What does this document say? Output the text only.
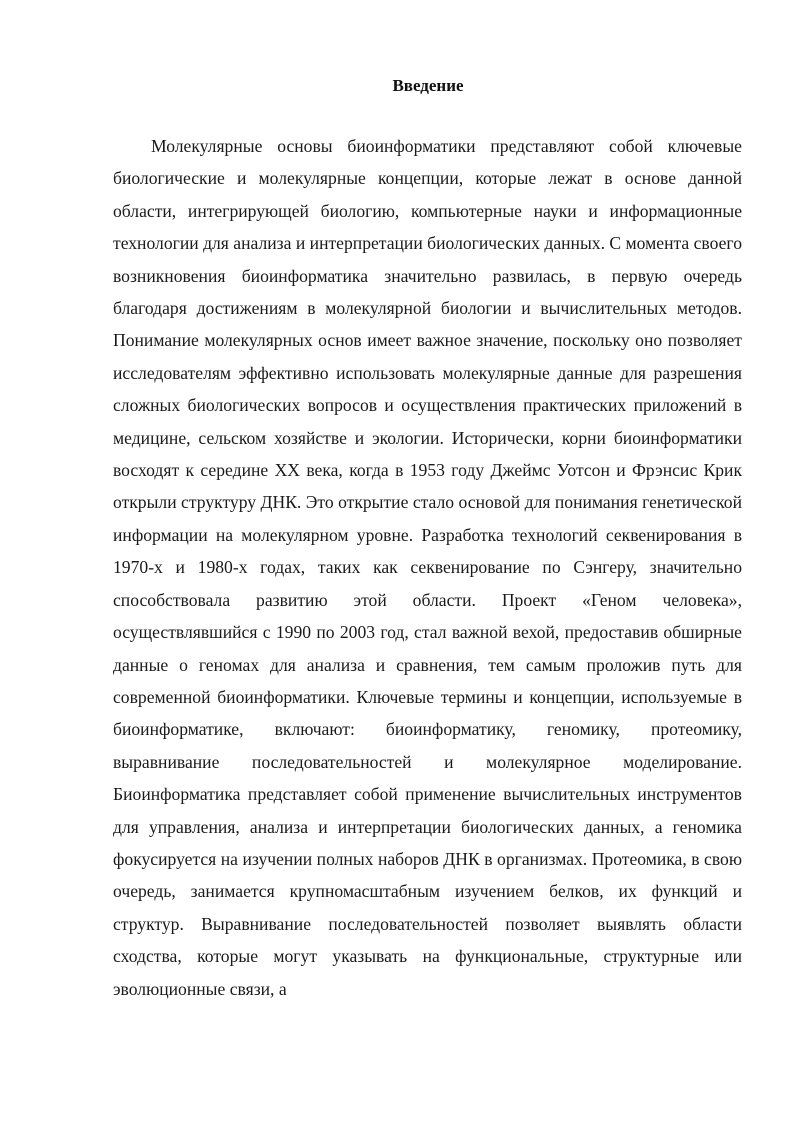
Введение

Молекулярные основы биоинформатики представляют собой ключевые биологические и молекулярные концепции, которые лежат в основе данной области, интегрирующей биологию, компьютерные науки и информационные технологии для анализа и интерпретации биологических данных. С момента своего возникновения биоинформатика значительно развилась, в первую очередь благодаря достижениям в молекулярной биологии и вычислительных методов. Понимание молекулярных основ имеет важное значение, поскольку оно позволяет исследователям эффективно использовать молекулярные данные для разрешения сложных биологических вопросов и осуществления практических приложений в медицине, сельском хозяйстве и экологии. Исторически, корни биоинформатики восходят к середине XX века, когда в 1953 году Джеймс Уотсон и Фрэнсис Крик открыли структуру ДНК. Это открытие стало основой для понимания генетической информации на молекулярном уровне. Разработка технологий секвенирования в 1970-х и 1980-х годах, таких как секвенирование по Сэнгеру, значительно способствовала развитию этой области. Проект «Геном человека», осуществлявшийся с 1990 по 2003 год, стал важной вехой, предоставив обширные данные о геномах для анализа и сравнения, тем самым проложив путь для современной биоинформатики. Ключевые термины и концепции, используемые в биоинформатике, включают: биоинформатику, геномику, протеомику, выравнивание последовательностей и молекулярное моделирование. Биоинформатика представляет собой применение вычислительных инструментов для управления, анализа и интерпретации биологических данных, а геномика фокусируется на изучении полных наборов ДНК в организмах. Протеомика, в свою очередь, занимается крупномасштабным изучением белков, их функций и структур. Выравнивание последовательностей позволяет выявлять области сходства, которые могут указывать на функциональные, структурные или эволюционные связи, а
